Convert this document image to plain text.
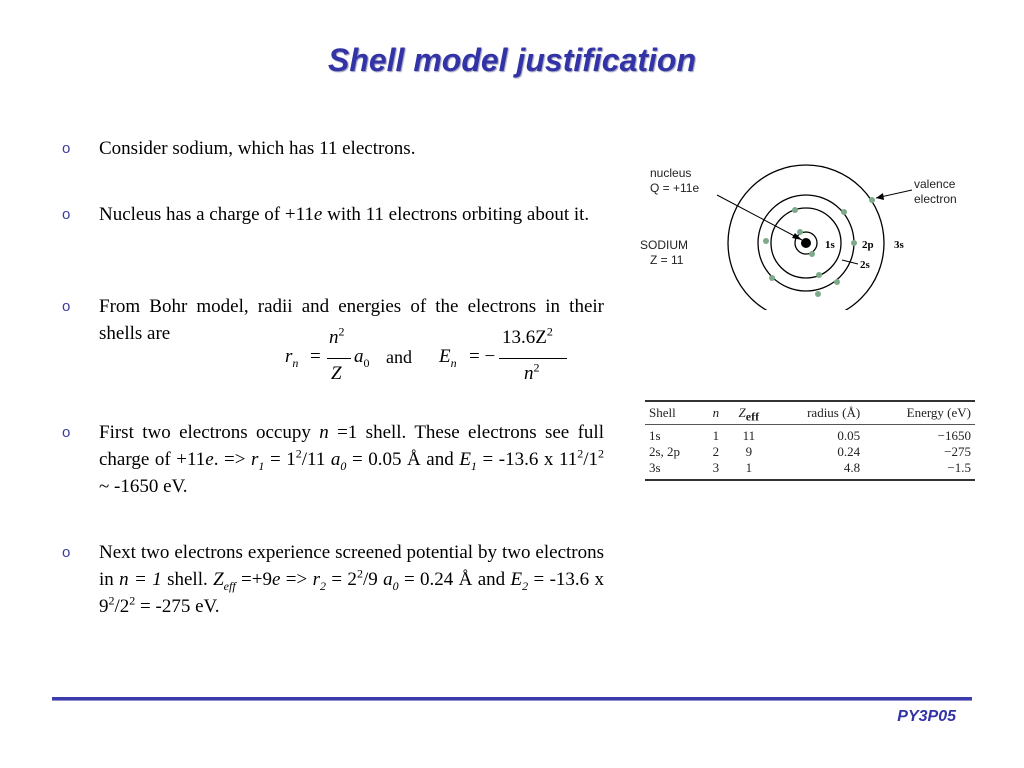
Shell model justification
o Consider sodium, which has 11 electrons.
o Nucleus has a charge of +11e with 11 electrons orbiting about it.
o From Bohr model, radii and energies of the electrons in their shells are
$r_n$ =
$n^2$
Z
$a_0$ and $E_n$ = −
$13.6Z^2$
$n^2$
o First two electrons occupy n =1 shell. These electrons see full charge of +11e. => $r_1 = 1^2/11$ $a_0 = 0.05$ Å and $E_1 = -13.6$ x $11^2/1^2$ ~ -1650 eV.
o Next two electrons experience screened potential by two electrons in n = 1 shell. $Z_{eff} =+9e => r_2 = 2^2/9$ $a_0 = 0.24$ Å and $E_2 = -13.6$ x $9^2/2^2 = -275$ eV.
nucleus
Q = +11e
SODIUM
Z = 11
valence
electron
1s 2p
2s
3s
Shell	n	$Z_{eff}$	radius (Å)	Energy (eV)
1s	1	11	0.05	−1650
2s, 2p	2	9	0.24	−275
3s	3	1	4.8	−1.5
PY3P05
